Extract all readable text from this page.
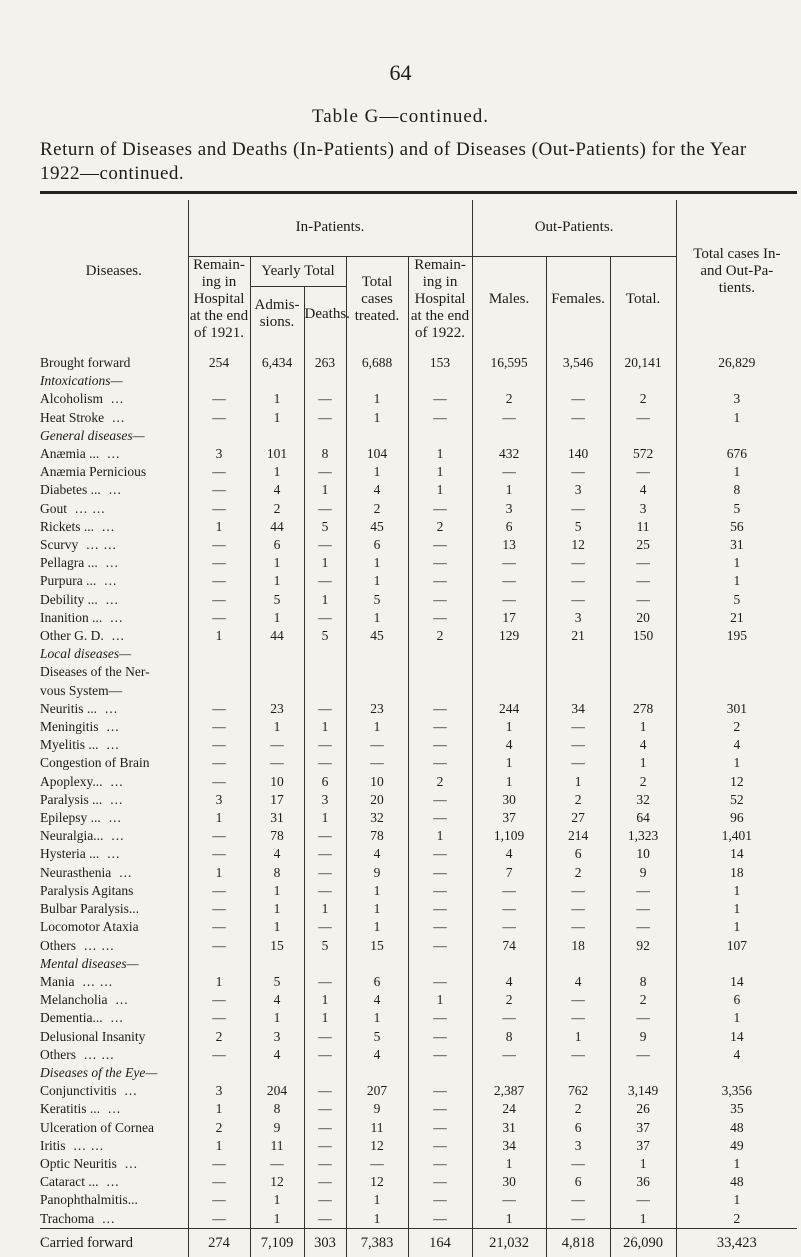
64
Table G—continued.
Return of Diseases and Deaths (In-Patients) and of Diseases (Out-Patients) for the Year 1922—continued.
Diseases.	In-Patients.					Out-Patients.			Total cases In-and Out-Pa-tients.
	Remain-ing in Hospital at the end of 1921.	Yearly Total		Total cases treated.	Remain-ing in Hospital at the end of 1922.	Males.	Females.	Total.	
		Admis-sions.	Deaths.						

Brought forward	254	6,434	263	6,688	153	16,595	3,546	20,141	26,829
Intoxications—									
Alcoholism ...	—	1	—	1	—	2	—	2	3
Heat Stroke ...	—	1	—	1	—	—	—	—	1
General diseases—									
Anæmia ... ...	3	101	8	104	1	432	140	572	676
Anæmia Pernicious	—	1	—	1	1	—	—	—	1
Diabetes ... ...	—	4	1	4	1	1	3	4	8
Gout ... ...	—	2	—	2	—	3	—	3	5
Rickets ... ...	1	44	5	45	2	6	5	11	56
Scurvy ... ...	—	6	—	6	—	13	12	25	31
Pellagra ... ...	—	1	1	1	—	—	—	—	1
Purpura ... ...	—	1	—	1	—	—	—	—	1
Debility ... ...	—	5	1	5	—	—	—	—	5
Inanition ... ...	—	1	—	1	—	17	3	20	21
Other G. D. ...	1	44	5	45	2	129	21	150	195
Local diseases—									
Diseases of the Ner-									
vous System—									
Neuritis ... ...	—	23	—	23	—	244	34	278	301
Meningitis ...	—	1	1	1	—	1	—	1	2
Myelitis ... ...	—	—	—	—	—	4	—	4	4
Congestion of Brain	—	—	—	—	—	1	—	1	1
Apoplexy... ...	—	10	6	10	2	1	1	2	12
Paralysis ... ...	3	17	3	20	—	30	2	32	52
Epilepsy ... ...	1	31	1	32	—	37	27	64	96
Neuralgia... ...	—	78	—	78	1	1,109	214	1,323	1,401
Hysteria ... ...	—	4	—	4	—	4	6	10	14
Neurasthenia ...	1	8	—	9	—	7	2	9	18
Paralysis Agitans	—	1	—	1	—	—	—	—	1
Bulbar Paralysis...	—	1	1	1	—	—	—	—	1
Locomotor Ataxia	—	1	—	1	—	—	—	—	1
Others ... ...	—	15	5	15	—	74	18	92	107
Mental diseases—									
Mania ... ...	1	5	—	6	—	4	4	8	14
Melancholia ...	—	4	1	4	1	2	—	2	6
Dementia... ...	—	1	1	1	—	—	—	—	1
Delusional Insanity	2	3	—	5	—	8	1	9	14
Others ... ...	—	4	—	4	—	—	—	—	4
Diseases of the Eye—									
Conjunctivitis ...	3	204	—	207	—	2,387	762	3,149	3,356
Keratitis ... ...	1	8	—	9	—	24	2	26	35
Ulceration of Cornea	2	9	—	11	—	31	6	37	48
Iritis ... ...	1	11	—	12	—	34	3	37	49
Optic Neuritis ...	—	—	—	—	—	1	—	1	1
Cataract ... ...	—	12	—	12	—	30	6	36	48
Panophthalmitis...	—	1	—	1	—	—	—	—	1
Trachoma ...	—	1	—	1	—	1	—	1	2
Carried forward	274	7,109	303	7,383	164	21,032	4,818	26,090	33,423
